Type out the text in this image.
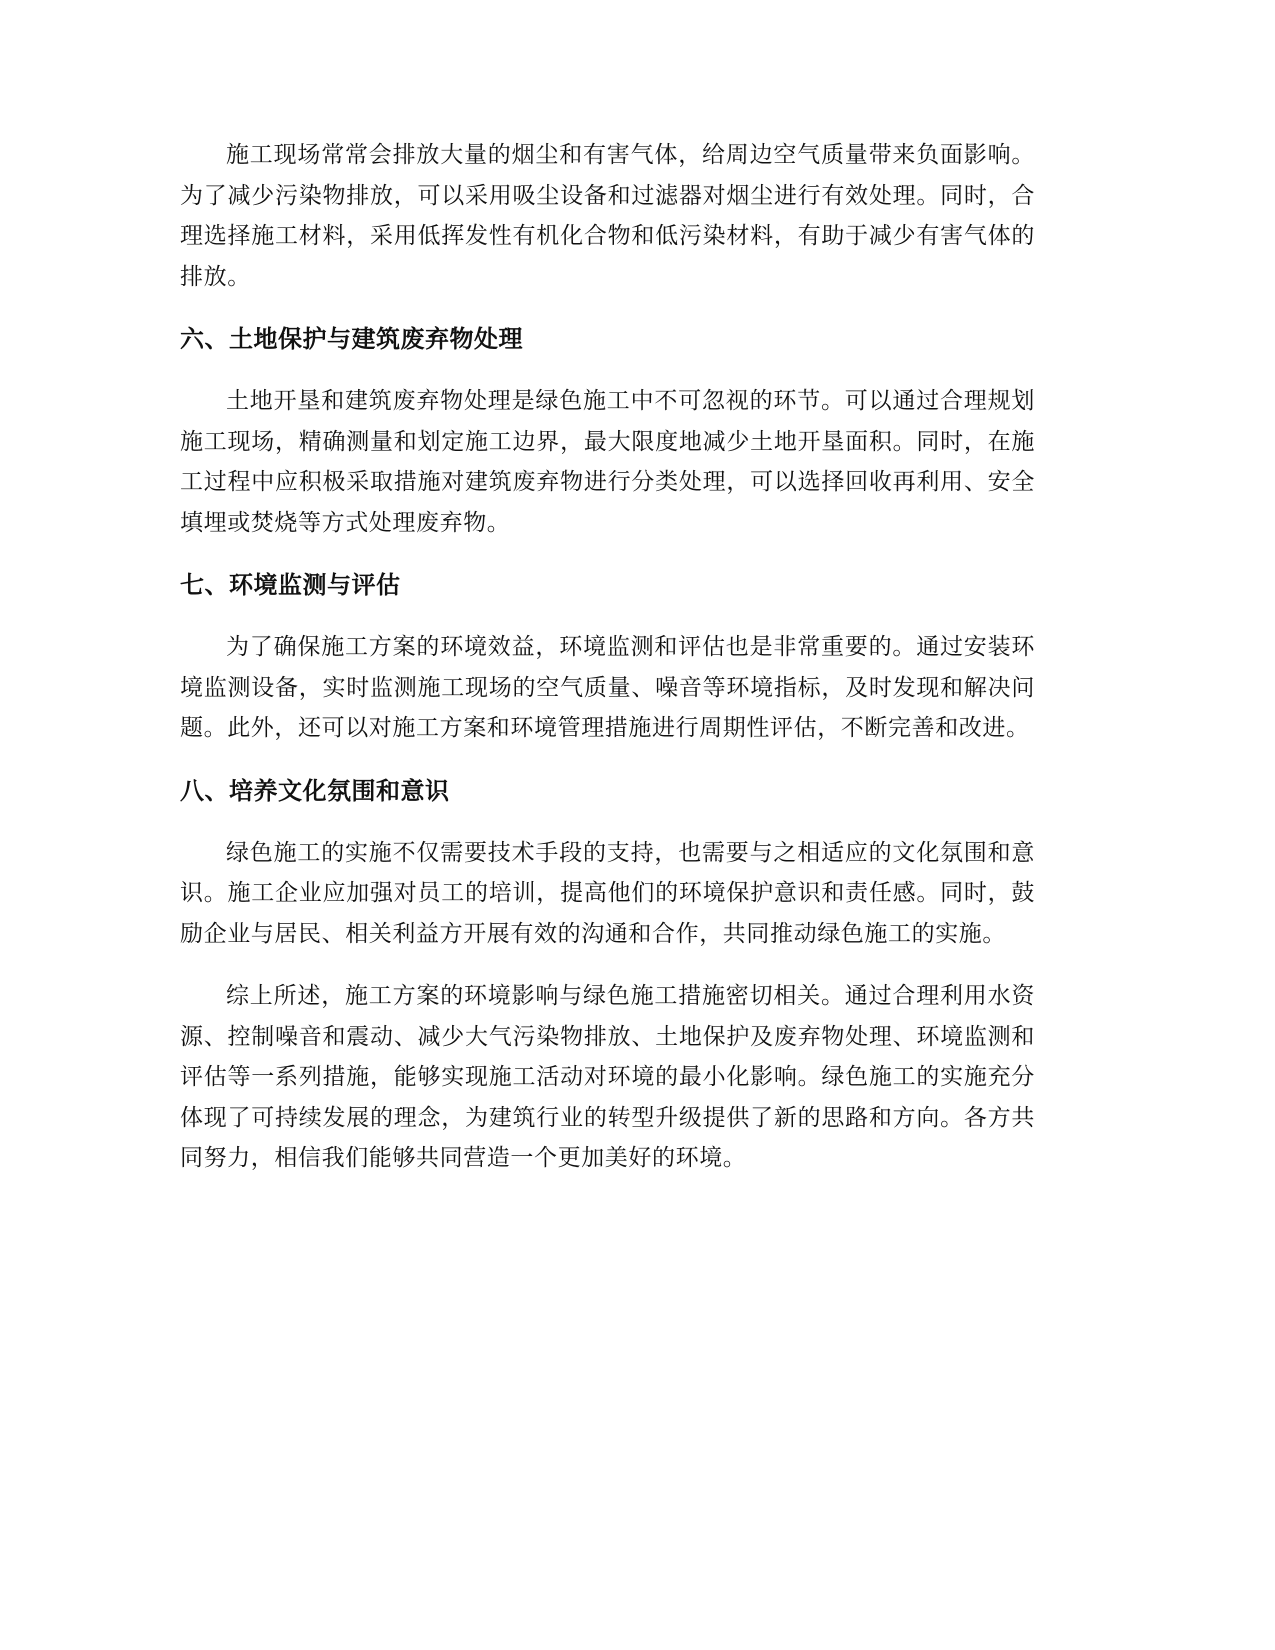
施工现场常常会排放大量的烟尘和有害气体，给周边空气质量带来负面影响。为了减少污染物排放，可以采用吸尘设备和过滤器对烟尘进行有效处理。同时，合理选择施工材料，采用低挥发性有机化合物和低污染材料，有助于减少有害气体的排放。

六、土地保护与建筑废弃物处理

土地开垦和建筑废弃物处理是绿色施工中不可忽视的环节。可以通过合理规划施工现场，精确测量和划定施工边界，最大限度地减少土地开垦面积。同时，在施工过程中应积极采取措施对建筑废弃物进行分类处理，可以选择回收再利用、安全填埋或焚烧等方式处理废弃物。

七、环境监测与评估

为了确保施工方案的环境效益，环境监测和评估也是非常重要的。通过安装环境监测设备，实时监测施工现场的空气质量、噪音等环境指标，及时发现和解决问题。此外，还可以对施工方案和环境管理措施进行周期性评估，不断完善和改进。

八、培养文化氛围和意识

绿色施工的实施不仅需要技术手段的支持，也需要与之相适应的文化氛围和意识。施工企业应加强对员工的培训，提高他们的环境保护意识和责任感。同时，鼓励企业与居民、相关利益方开展有效的沟通和合作，共同推动绿色施工的实施。

综上所述，施工方案的环境影响与绿色施工措施密切相关。通过合理利用水资源、控制噪音和震动、减少大气污染物排放、土地保护及废弃物处理、环境监测和评估等一系列措施，能够实现施工活动对环境的最小化影响。绿色施工的实施充分体现了可持续发展的理念，为建筑行业的转型升级提供了新的思路和方向。各方共同努力，相信我们能够共同营造一个更加美好的环境。
